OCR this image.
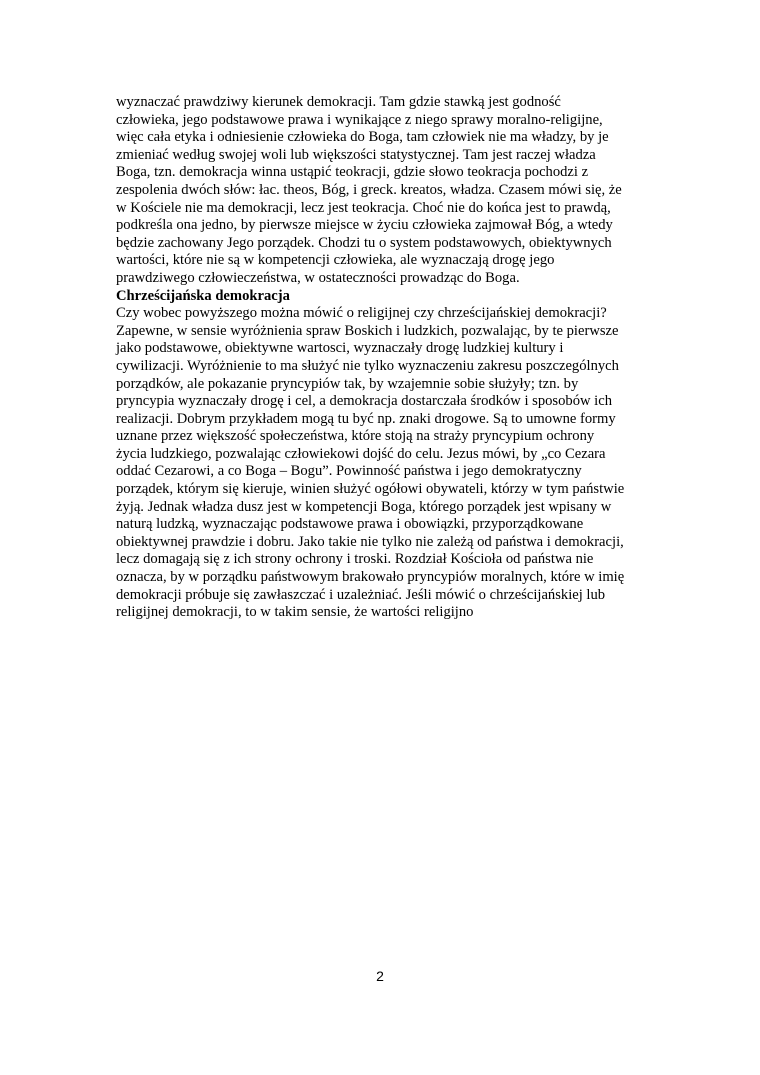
wyznaczać prawdziwy kierunek demokracji. Tam gdzie stawką jest godność
człowieka, jego podstawowe prawa i wynikające z niego sprawy moralno-religijne,
więc cała etyka i odniesienie człowieka do Boga, tam człowiek nie ma władzy, by je
zmieniać według swojej woli lub większości statystycznej. Tam jest raczej władza
Boga, tzn. demokracja winna ustąpić teokracji, gdzie słowo teokracja pochodzi z
zespolenia dwóch słów: łac. theos, Bóg, i greck. kreatos, władza. Czasem mówi się, że
w Kościele nie ma demokracji, lecz jest teokracja. Choć nie do końca jest to prawdą,
podkreśla ona jedno, by pierwsze miejsce w życiu człowieka zajmował Bóg, a wtedy
będzie zachowany Jego porządek. Chodzi tu o system podstawowych, obiektywnych
wartości, które nie są w kompetencji człowieka, ale wyznaczają drogę jego
prawdziwego człowieczeństwa, w ostateczności prowadząc do Boga.
Chrześcijańska demokracja
Czy wobec powyższego można mówić o religijnej czy chrześcijańskiej demokracji?
Zapewne, w sensie wyróżnienia spraw Boskich i ludzkich, pozwalając, by te pierwsze
jako podstawowe, obiektywne wartosci, wyznaczały drogę ludzkiej kultury i
cywilizacji. Wyróżnienie to ma służyć nie tylko wyznaczeniu zakresu poszczególnych
porządków, ale pokazanie pryncypiów tak, by wzajemnie sobie służyły; tzn. by
pryncypia wyznaczały drogę i cel, a demokracja dostarczała środków i sposobów ich
realizacji. Dobrym przykładem mogą tu być np. znaki drogowe. Są to umowne formy
uznane przez większość społeczeństwa, które stoją na straży pryncypium ochrony
życia ludzkiego, pozwalając człowiekowi dojść do celu. Jezus mówi, by „co Cezara
oddać Cezarowi, a co Boga – Bogu”. Powinność państwa i jego demokratyczny
porządek, którym się kieruje, winien służyć ogółowi obywateli, którzy w tym państwie
żyją. Jednak władza dusz jest w kompetencji Boga, którego porządek jest wpisany w
naturą ludzką, wyznaczając podstawowe prawa i obowiązki, przyporządkowane
obiektywnej prawdzie i dobru. Jako takie nie tylko nie zależą od państwa i demokracji,
lecz domagają się z ich strony ochrony i troski. Rozdział Kościoła od państwa nie
oznacza, by w porządku państwowym brakowało pryncypiów moralnych, które w imię
demokracji próbuje się zawłaszczać i uzależniać. Jeśli mówić o chrześcijańskiej lub
religijnej demokracji, to w takim sensie, że wartości religijno
2
